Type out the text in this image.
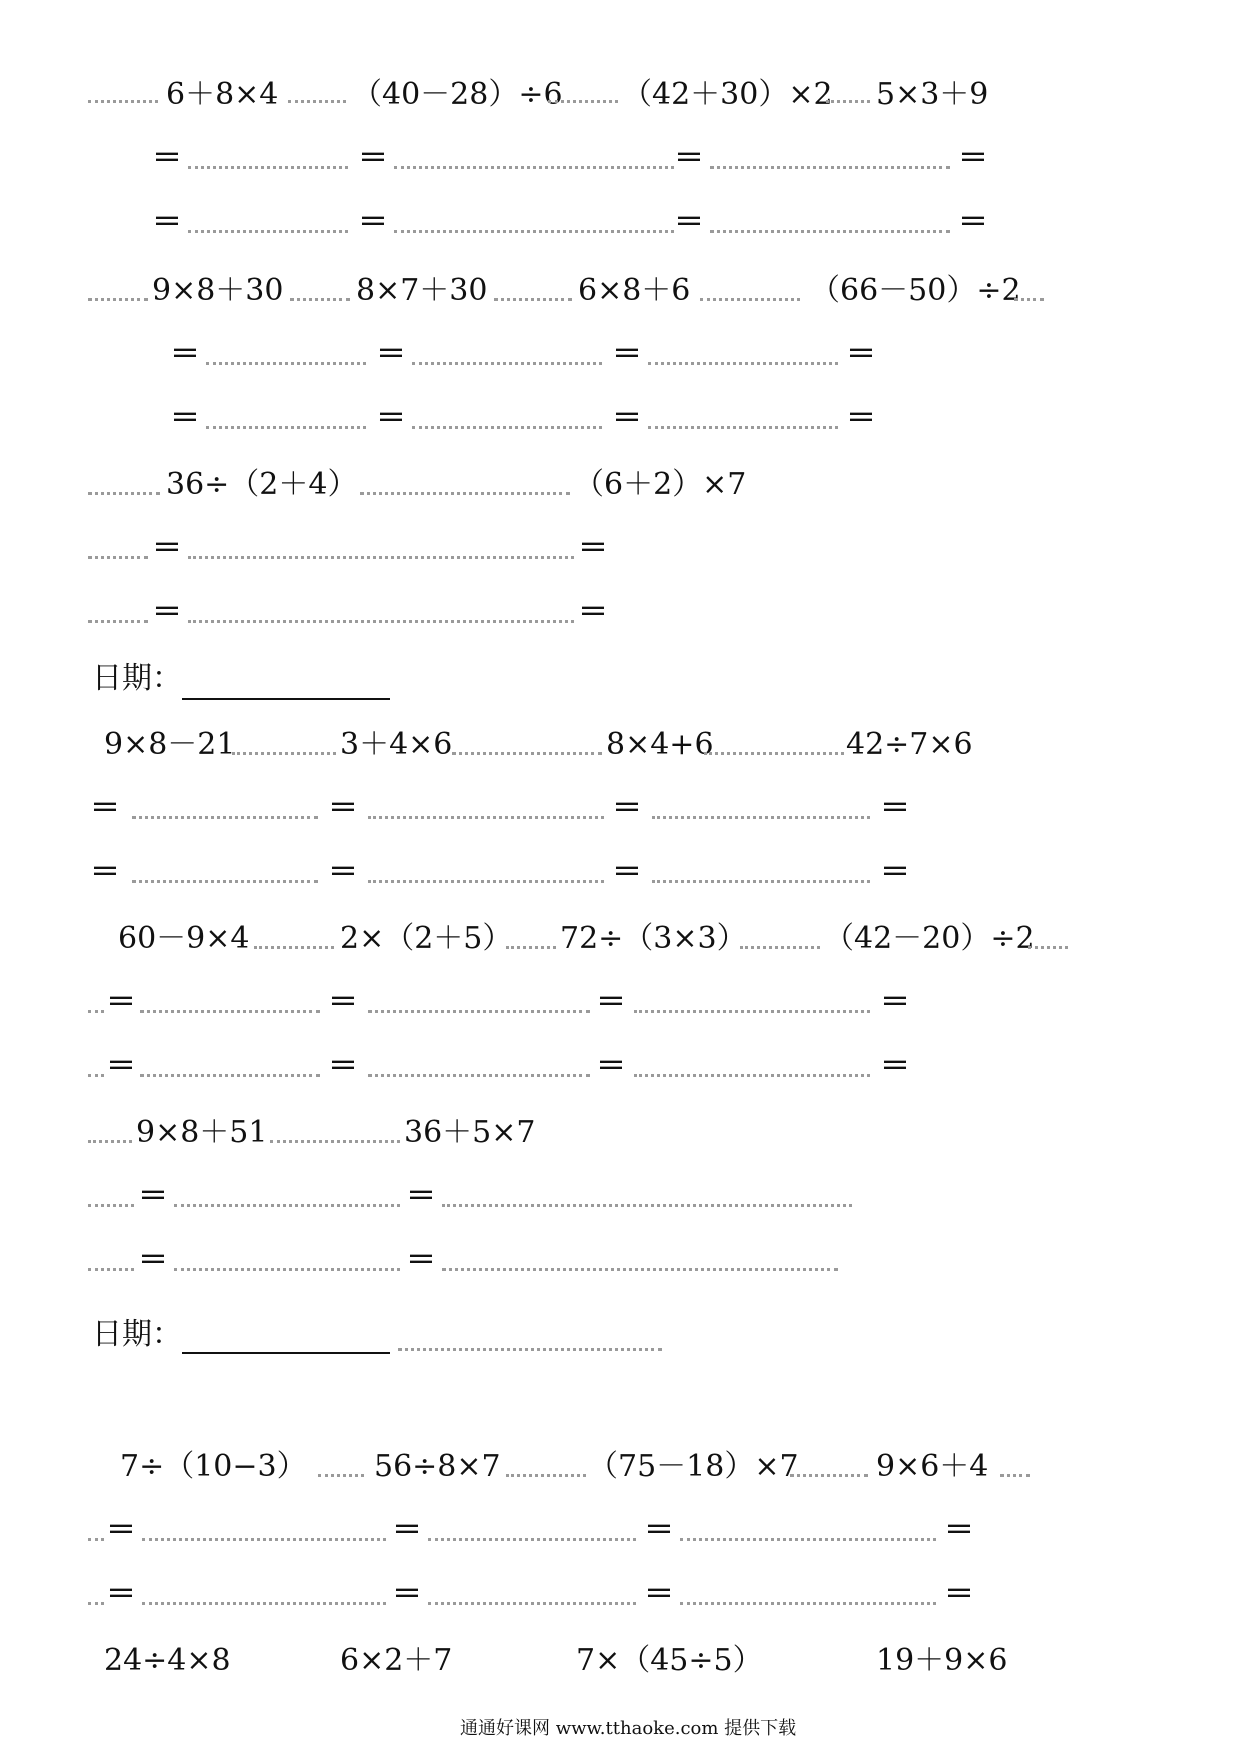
6＋8×4 （40－28）÷6 （42＋30）×2 5×3＋9
＝	＝	＝	＝
＝	＝	＝	＝
9×8＋30 8×7＋30	6×8＋6	（66－50）÷2
＝	＝	＝	＝
＝	＝	＝	＝
36÷（2＋4）	（6＋2）×7
＝	＝
＝	＝
日期：
9×8－21	3＋4×6	8×4+6	42÷7×6
＝	＝	＝	＝
＝	＝	＝	＝
60－9×4	2×（2＋5） 72÷（3×3）	（42－20）÷2
＝	＝	＝	＝
＝	＝	＝	＝
9×8＋51	36＋5×7
＝	＝
＝	＝
日期：
7÷（10−3） 56÷8×7	（75－18）×7	9×6＋4
＝	＝	＝	＝
＝	＝	＝	＝
24÷4×8	6×2＋7	7×（45÷5）	19＋9×6
通通好课网 www.tthaoke.com 提供下载
